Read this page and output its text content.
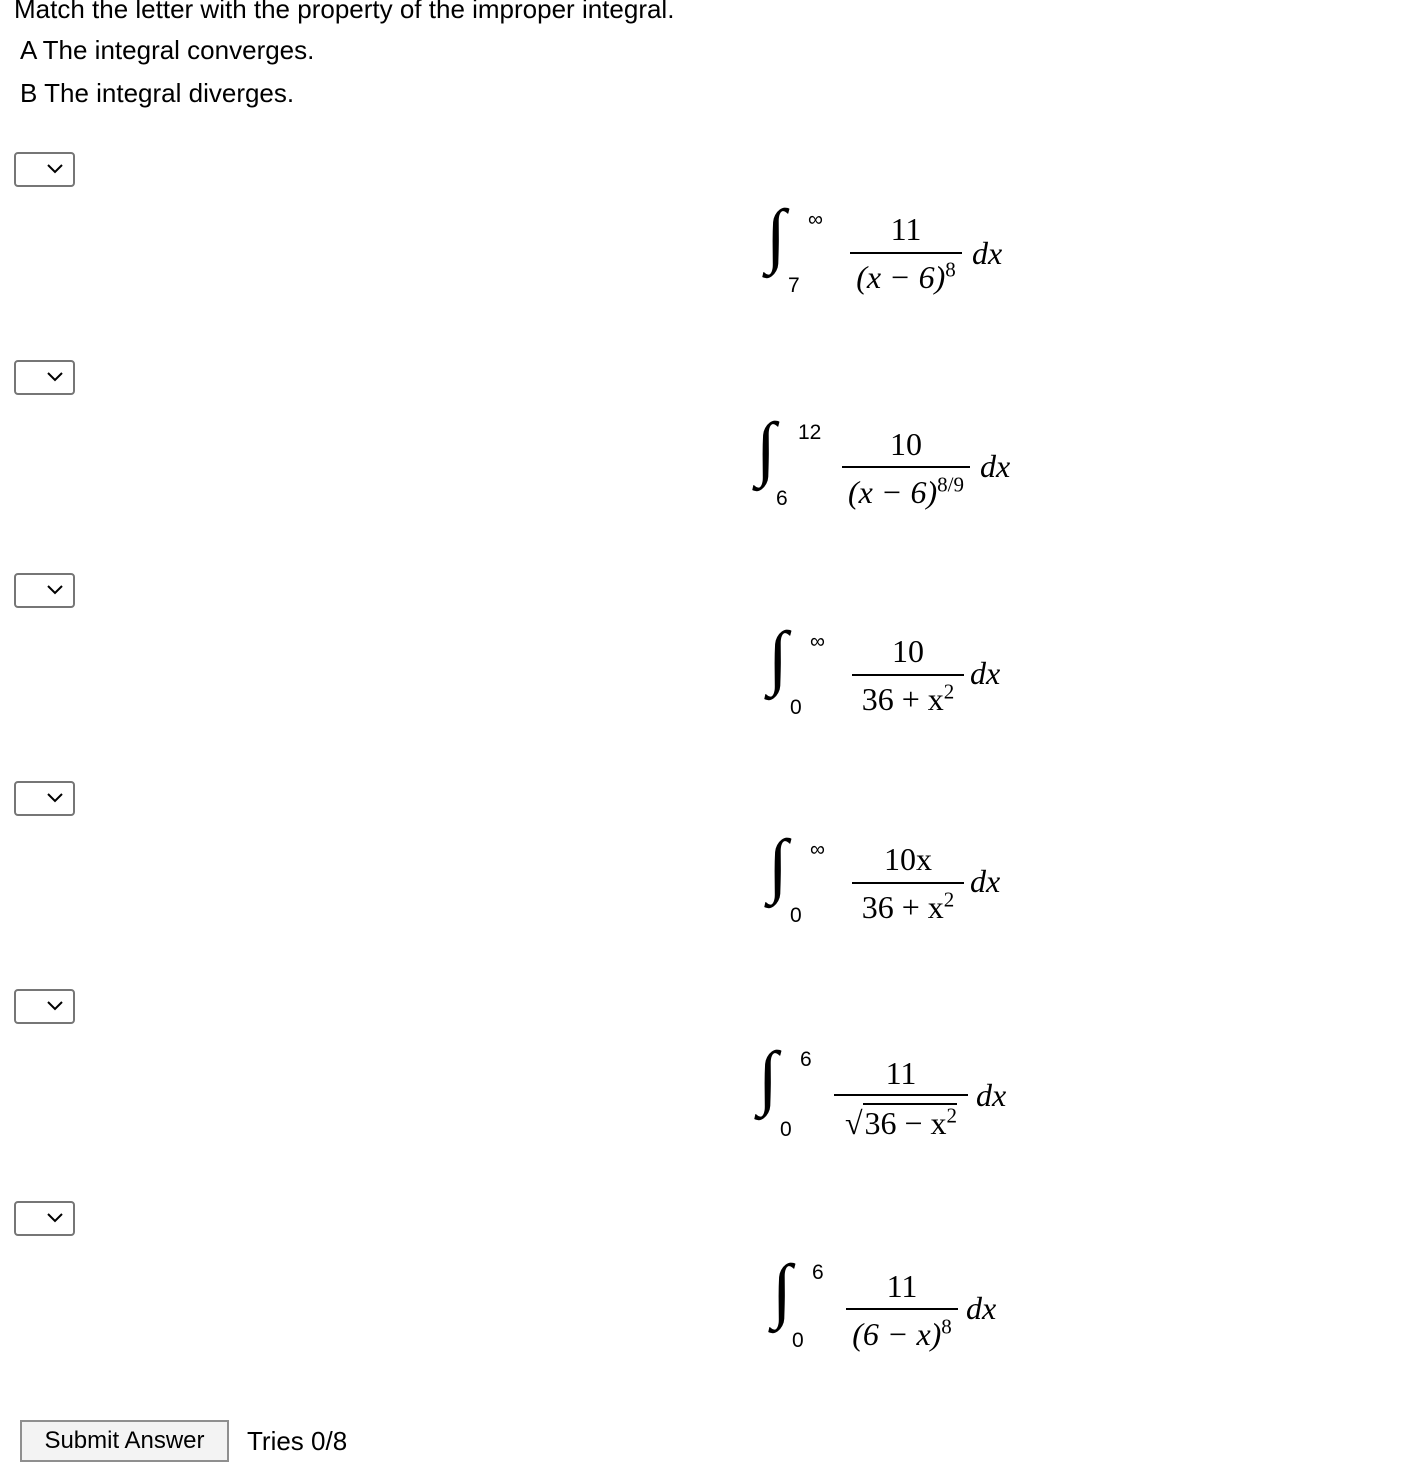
Match the letter with the property of the improper integral.
A The integral converges.
B The integral diverges.
∫ ∞
7
11
$(x - 6)^8$ dx
∫ 12
6
10
$(x - 6)^{8/9}$
dx
∫ ∞
0
10
$36 + x^2$
dx
∫ ∞
0
10x
$36 + x^2$
dx
∫ 6
0
11
$√36 - x^2$
dx
∫ 6
0
11
$(6 - x)^8$
dx
Submit Answer	Tries 0/8
